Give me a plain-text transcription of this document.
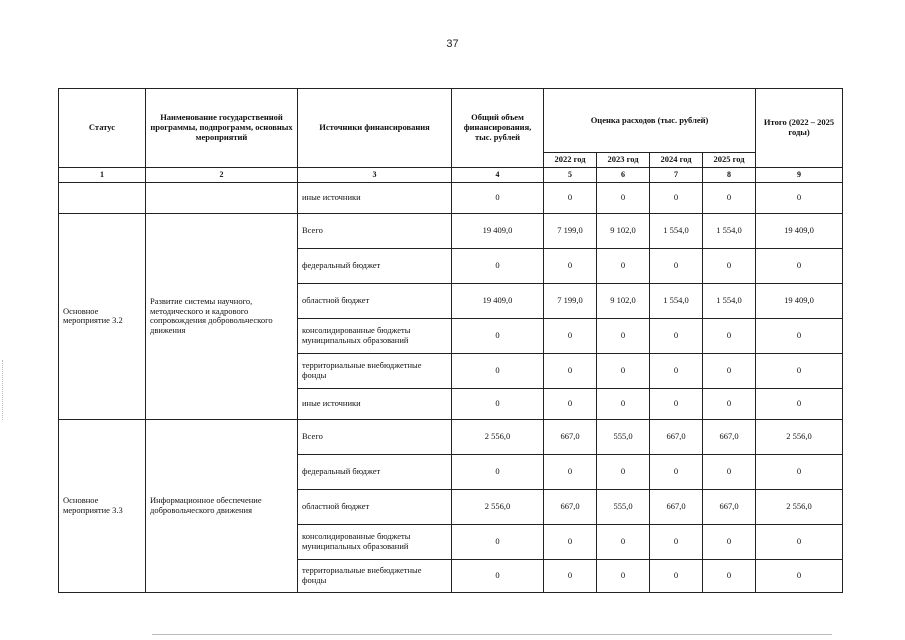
37
Статус	Наименование государственной программы, подпрограмм, основных мероприятий	Источники финансирования	Общий объем финансирования, тыс. рублей	Оценка расходов (тыс. рублей)				Итого (2022 – 2025 годы)
				2022 год	2023 год	2024 год	2025 год	
1	2	3	4	5	6	7	8	9
		иные источники	0	0	0	0	0	0
Основное мероприятие 3.2	Развитие системы научного, методического и кадрового сопровождения добровольческого движения	Всего	19 409,0	7 199,0	9 102,0	1 554,0	1 554,0	19 409,0
		федеральный бюджет	0	0	0	0	0	0
		областной бюджет	19 409,0	7 199,0	9 102,0	1 554,0	1 554,0	19 409,0
		консолидированные бюджеты муниципальных образований	0	0	0	0	0	0
		территориальные внебюджетные фонды	0	0	0	0	0	0
		иные источники	0	0	0	0	0	0
Основное мероприятие 3.3	Информационное обеспечение добровольческого движения	Всего	2 556,0	667,0	555,0	667,0	667,0	2 556,0
		федеральный бюджет	0	0	0	0	0	0
		областной бюджет	2 556,0	667,0	555,0	667,0	667,0	2 556,0
		консолидированные бюджеты муниципальных образований	0	0	0	0	0	0
		территориальные внебюджетные фонды	0	0	0	0	0	0
